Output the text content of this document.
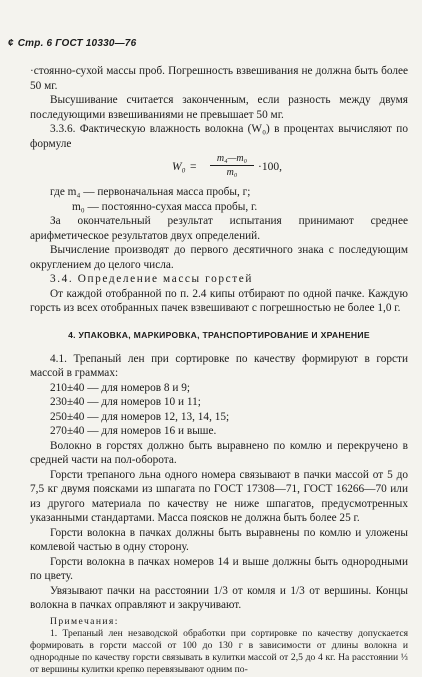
¢ Стр. 6 ГОСТ 10330—76

·стоянно-сухой массы проб. Погрешность взвешивания не должна быть более 50 мг.

Высушивание считается законченным, если разность между двумя последующими взвешиваниями не превышает 50 мг.

3.3.6. Фактическую влажность волокна (W₀) в процентах вычисляют по формуле

$W_0 = \frac{\text{m₄—m₀}}{\text{m₀}} \cdot 100$,

где m₄ — первоначальная масса пробы, г;

m₀ — постоянно-сухая масса пробы, г.

За окончательный результат испытания принимают среднее арифметическое результатов двух определений.

Вычисление производят до первого десятичного знака с последующим округлением до целого числа.

3.4. Определение массы горстей

От каждой отобранной по п. 2.4 кипы отбирают по одной пачке. Каждую горсть из всех отобранных пачек взвешивают с погрешностью не более 1,0 г.

4. УПАКОВКА, МАРКИРОВКА, ТРАНСПОРТИРОВАНИЕ И ХРАНЕНИЕ

4.1. Трепаный лен при сортировке по качеству формируют в горсти массой в граммах:

210±40 — для номеров 8 и 9;

230±40 — для номеров 10 и 11;

250±40 — для номеров 12, 13, 14, 15;

270±40 — для номеров 16 и выше.

Волокно в горстях должно быть выравнено по комлю и перекручено в средней части на пол-оборота.

Горсти трепаного льна одного номера связывают в пачки массой от 5 до 7,5 кг двумя поясками из шпагата по ГОСТ 17308—71, ГОСТ 16266—70 или из другого материала по качеству не ниже шпагатов, предусмотренных указанными стандартами. Масса поясков не должна быть более 25 г.

Горсти волокна в пачках должны быть выравнены по комлю и уложены комлевой частью в одну сторону.

Горсти волокна в пачках номеров 14 и выше должны быть однородными по цвету.

Увязывают пачки на расстоянии 1/3 от комля и 1/3 от вершины. Концы волокна в пачках оправляют и закручивают.

Примечания:

1. Трепаный лен незаводской обработки при сортировке по качеству допускается формировать в горсти массой от 100 до 130 г в зависимости от длины волокна и однородные по качеству горсти связывать в кулитки массой от 2,5 до 4 кг. На расстоянии ⅓ от вершины кулитки крепко перевязывают одним по-
